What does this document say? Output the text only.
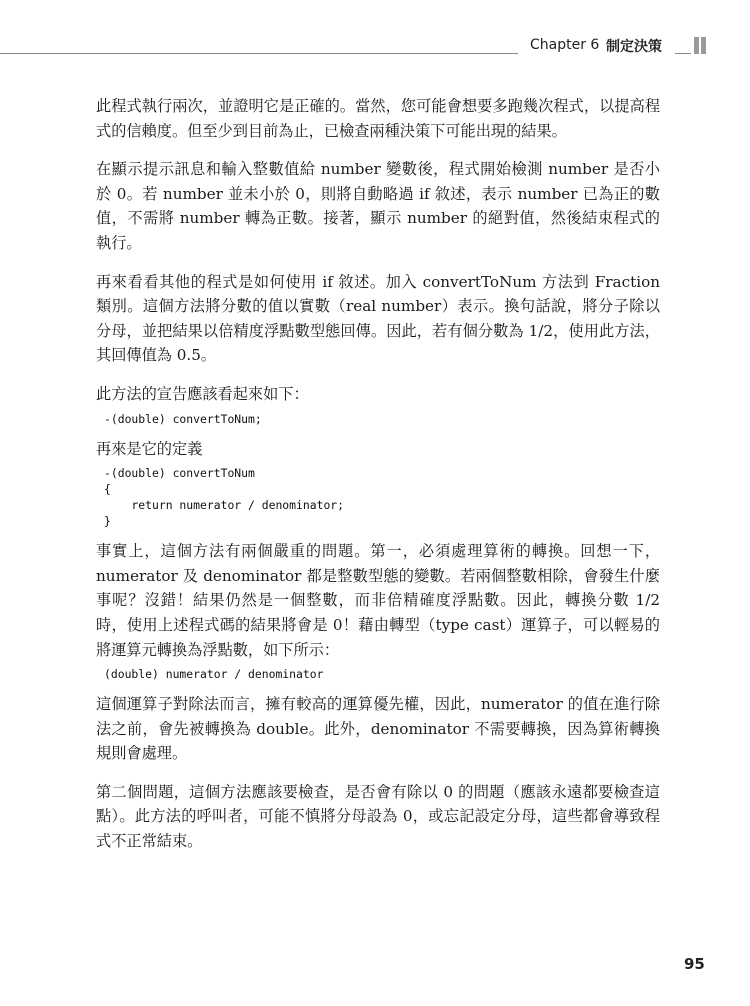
Chapter 6 制定決策

此程式執行兩次，並證明它是正確的。當然，您可能會想要多跑幾次程式，以提高程式的信賴度。但至少到目前為止，已檢查兩種決策下可能出現的結果。

在顯示提示訊息和輸入整數值給 number 變數後，程式開始檢測 number 是否小於 0。若 number 並未小於 0，則將自動略過 if 敘述，表示 number 已為正的數值，不需將 number 轉為正數。接著，顯示 number 的絕對值，然後結束程式的執行。

再來看看其他的程式是如何使用 if 敘述。加入 convertToNum 方法到 Fraction 類別。這個方法將分數的值以實數（real number）表示。換句話說，將分子除以分母，並把結果以倍精度浮點數型態回傳。因此，若有個分數為 1/2，使用此方法，其回傳值為 0.5。

此方法的宣告應該看起來如下：

-(double) convertToNum;

再來是它的定義

-(double) convertToNum
{
return numerator / denominator;
}

事實上，這個方法有兩個嚴重的問題。第一，必須處理算術的轉換。回想一下，numerator 及 denominator 都是整數型態的變數。若兩個整數相除，會發生什麼事呢？沒錯！結果仍然是一個整數，而非倍精確度浮點數。因此，轉換分數 1/2 時，使用上述程式碼的結果將會是 0！藉由轉型（type cast）運算子，可以輕易的將運算元轉換為浮點數，如下所示：

(double) numerator / denominator

這個運算子對除法而言，擁有較高的運算優先權，因此，numerator 的值在進行除法之前，會先被轉換為 double。此外，denominator 不需要轉換，因為算術轉換規則會處理。

第二個問題，這個方法應該要檢查，是否會有除以 0 的問題（應該永遠都要檢查這點）。此方法的呼叫者，可能不慎將分母設為 0，或忘記設定分母，這些都會導致程式不正常結束。

95
